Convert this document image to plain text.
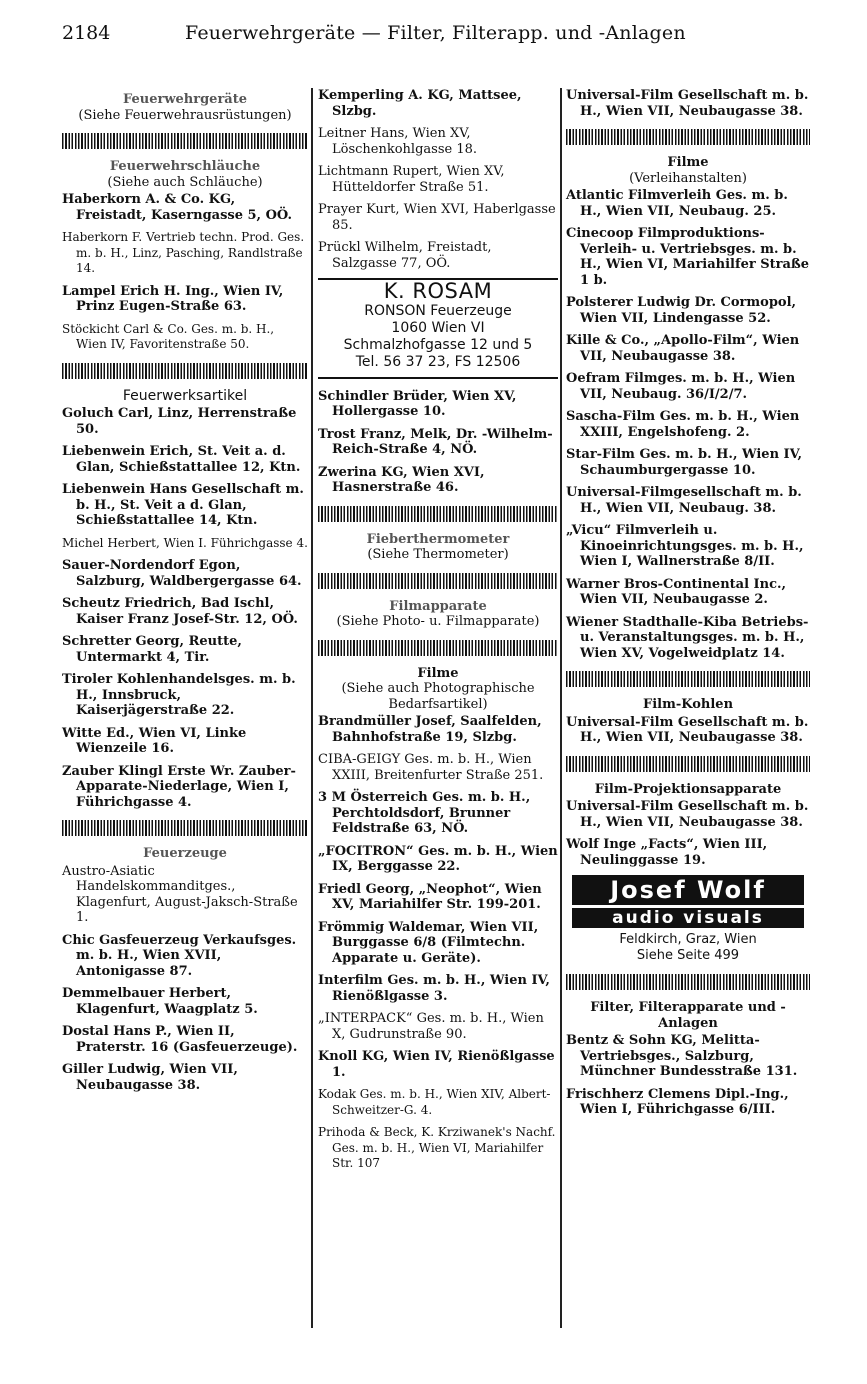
2184	Feuerwehrgeräte — Filter, Filterapp. und -Anlagen
Feuerwehrgeräte
(Siehe Feuerwehrausrüstungen)
Feuerwehrschläuche
(Siehe auch Schläuche)
Haberkorn A. & Co. KG, Freistadt, Kaserngasse 5, OÖ.
Haberkorn F. Vertrieb techn. Prod. Ges. m. b. H., Linz, Pasching, Randlstraße 14.
Lampel Erich H. Ing., Wien IV, Prinz Eugen-Straße 63.
Stöckicht Carl & Co. Ges. m. b. H., Wien IV, Favoritenstraße 50.
Feuerwerksartikel
Goluch Carl, Linz, Herrenstraße 50.
Liebenwein Erich, St. Veit a. d. Glan, Schießstattallee 12, Ktn.
Liebenwein Hans Gesellschaft m. b. H., St. Veit a d. Glan, Schießstattallee 14, Ktn.
Michel Herbert, Wien I. Führichgasse 4.
Sauer-Nordendorf Egon, Salzburg, Waldbergergasse 64.
Scheutz Friedrich, Bad Ischl, Kaiser Franz Josef-Str. 12, OÖ.
Schretter Georg, Reutte, Untermarkt 4, Tir.
Tiroler Kohlenhandelsges. m. b. H., Innsbruck, Kaiserjägerstraße 22.
Witte Ed., Wien VI, Linke Wienzeile 16.
Zauber Klingl Erste Wr. Zauber-Apparate-Niederlage, Wien I, Führichgasse 4.
Feuerzeuge
Austro-Asiatic Handelskommanditges., Klagenfurt, August-Jaksch-Straße 1.
Chic Gasfeuerzeug Verkaufsges. m. b. H., Wien XVII, Antonigasse 87.
Demmelbauer Herbert, Klagenfurt, Waagplatz 5.
Dostal Hans P., Wien II, Praterstr. 16 (Gasfeuerzeuge).
Giller Ludwig, Wien VII, Neubaugasse 38.
Kemperling A. KG, Mattsee, Slzbg.
Leitner Hans, Wien XV, Löschenkohlgasse 18.
Lichtmann Rupert, Wien XV, Hütteldorfer Straße 51.
Prayer Kurt, Wien XVI, Haberlgasse 85.
Prückl Wilhelm, Freistadt, Salzgasse 77, OÖ.
K. ROSAM
RONSON Feuerzeuge
1060 Wien VI
Schmalzhofgasse 12 und 5
Tel. 56 37 23, FS 12506
Schindler Brüder, Wien XV, Hollergasse 10.
Trost Franz, Melk, Dr. -Wilhelm-Reich-Straße 4, NÖ.
Zwerina KG, Wien XVI, Hasnerstraße 46.
Fieberthermometer
(Siehe Thermometer)
Filmapparate
(Siehe Photo- u. Filmapparate)
Filme
(Siehe auch Photographische Bedarfsartikel)
Brandmüller Josef, Saalfelden, Bahnhofstraße 19, Slzbg.
CIBA-GEIGY Ges. m. b. H., Wien XXIII, Breitenfurter Straße 251.
3 M Österreich Ges. m. b. H., Perchtoldsdorf, Brunner Feldstraße 63, NÖ.
„FOCITRON“ Ges. m. b. H., Wien IX, Berggasse 22.
Friedl Georg, „Neophot“, Wien XV, Mariahilfer Str. 199-201.
Frömmig Waldemar, Wien VII, Burggasse 6/8 (Filmtechn. Apparate u. Geräte).
Interfilm Ges. m. b. H., Wien IV, Rienößlgasse 3.
„INTERPACK“ Ges. m. b. H., Wien X, Gudrunstraße 90.
Knoll KG, Wien IV, Rienößlgasse 1.
Kodak Ges. m. b. H., Wien XIV, Albert-Schweitzer-G. 4.
Prihoda & Beck, K. Krziwanek's Nachf. Ges. m. b. H., Wien VI, Mariahilfer Str. 107
Universal-Film Gesellschaft m. b. H., Wien VII, Neubaugasse 38.
Filme
(Verleihanstalten)
Atlantic Filmverleih Ges. m. b. H., Wien VII, Neubaug. 25.
Cinecoop Filmproduktions-Verleih- u. Vertriebsges. m. b. H., Wien VI, Mariahilfer Straße 1 b.
Polsterer Ludwig Dr. Cormopol, Wien VII, Lindengasse 52.
Kille & Co., „Apollo-Film“, Wien VII, Neubaugasse 38.
Oefram Filmges. m. b. H., Wien VII, Neubaug. 36/I/2/7.
Sascha-Film Ges. m. b. H., Wien XXIII, Engelshofeng. 2.
Star-Film Ges. m. b. H., Wien IV, Schaumburgergasse 10.
Universal-Filmgesellschaft m. b. H., Wien VII, Neubaug. 38.
„Vicu“ Filmverleih u. Kinoeinrichtungsges. m. b. H., Wien I, Wallnerstraße 8/II.
Warner Bros-Continental Inc., Wien VII, Neubaugasse 2.
Wiener Stadthalle-Kiba Betriebs- u. Veranstaltungsges. m. b. H., Wien XV, Vogelweidplatz 14.
Film-Kohlen
Universal-Film Gesellschaft m. b. H., Wien VII, Neubaugasse 38.
Film-Projektionsapparate
Universal-Film Gesellschaft m. b. H., Wien VII, Neubaugasse 38.
Wolf Inge „Facts“, Wien III, Neulinggasse 19.
Josef Wolf
audio visuals
Feldkirch, Graz, Wien
Siehe Seite 499
Filter, Filterapparate und -Anlagen
Bentz & Sohn KG, Melitta-Vertriebsges., Salzburg, Münchner Bundesstraße 131.
Frischherz Clemens Dipl.-Ing., Wien I, Führichgasse 6/III.
